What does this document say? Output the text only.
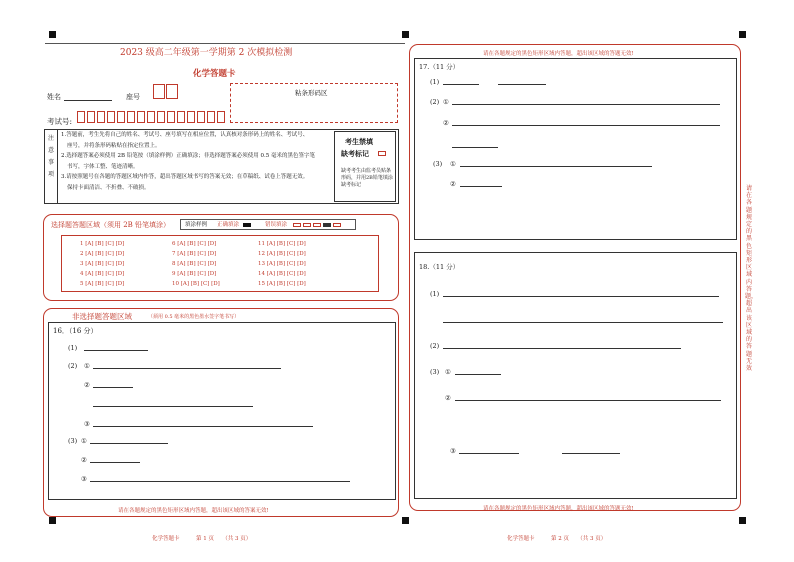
2023 级高二年级第一学期第 2 次模拟检测
化学答题卡
姓名	座号	粘条形码区
考试号:
注意事项
1.答题前，考生先将自己的姓名、考试号、座号填写在相应位置，认真核对条形码上的姓名、考试号、
座号，并将条形码粘贴在指定位置上。
2.选择题答案必须使用 2B 铅笔按（填涂样例）正确填涂；非选择题答案必须使用 0.5 毫米的黑色签字笔
书写，字体工整、笔迹清晰。
3.请按照题号在各题的答题区域内作答，超出答题区域书写的答案无效；在草稿纸、试卷上答题无效。
保持卡面清洁、不折叠、不破损。
考生禁填
缺考标记
缺考考生由监考员贴条形码，并用2B铅笔填涂缺考标记
选择题答题区域（须用 2B 铅笔填涂）	填涂样例 正确填涂	错误填涂
1 [A] [B] [C] [D]	6 [A] [B] [C] [D]	11 [A] [B] [C] [D]
2 [A] [B] [C] [D]	7 [A] [B] [C] [D]	12 [A] [B] [C] [D]
3 [A] [B] [C] [D]	8 [A] [B] [C] [D]	13 [A] [B] [C] [D]
4 [A] [B] [C] [D]	9 [A] [B] [C] [D]	14 [A] [B] [C] [D]
5 [A] [B] [C] [D]	10 [A] [B] [C] [D]	15 [A] [B] [C] [D]
非选择题答题区域	（须用 0.5 毫米的黑色墨水签字笔书写）
16．（16 分）
(1)
(2) ①
②
③
(3) ①
②
③
请在各题规定的黑色矩形区域内答题，超出该区域的答案无效!
化学答题卡　　　第 1 页　　（共 3 页）
请在各题规定的黑色矩形区域内答题，超出该区域的答题无效!
17.（11 分）
(1)
(2) ①
②
(3) ①
②
18.（11 分）
(1)
(2)
(3) ①
②
③
请在各题规定的黑色矩形区域内答题，超出该区域的答题无效!
化学答题卡　　　第 2 页　　（共 3 页）
请在各题规定的黑色矩形区域内答题，超出该区域的答题无效
